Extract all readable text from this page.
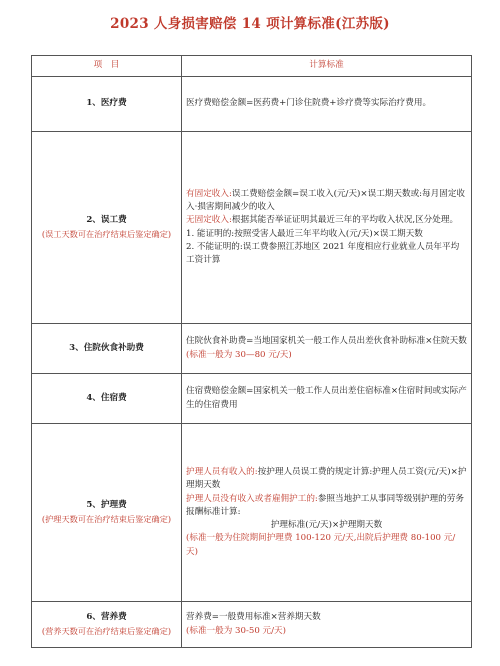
2023 人身损害赔偿 14 项计算标准(江苏版)
项　目	计算标准

1、医疗费	医疗费赔偿金额=医药费+门诊住院费+诊疗费等实际治疗费用。

2、误工费
(误工天数可在治疗结束后鉴定确定)	有固定收入:误工费赔偿金额=误工收入(元/天)×误工期天数或:每月固定收入·损害期间减少的收入
无固定收入:根据其能否举证证明其最近三年的平均收入状况,区分处理。
1. 能证明的:按照受害人最近三年平均收入(元/天)×误工期天数
2. 不能证明的:误工费参照江苏地区 2021 年度相应行业就业人员年平均工资计算

3、住院伙食补助费	住院伙食补助费=当地国家机关一般工作人员出差伙食补助标准×住院天数(标准一般为 30—80 元/天)

4、住宿费	住宿费赔偿金额=国家机关一般工作人员出差住宿标准×住宿时间或实际产生的住宿费用

5、护理费
(护理天数可在治疗结束后鉴定确定)	护理人员有收入的:按护理人员误工费的规定计算:护理人员工资(元/天)×护理期天数
护理人员没有收入或者雇佣护工的:参照当地护工从事同等级别护理的劳务报酬标准计算:
护理标准(元/天)×护理期天数
(标准一般为住院期间护理费 100-120 元/天,出院后护理费 80-100 元/天)

6、营养费
(营养天数可在治疗结束后鉴定确定)	营养费=一般费用标准×营养期天数
(标准一般为 30-50 元/天)
